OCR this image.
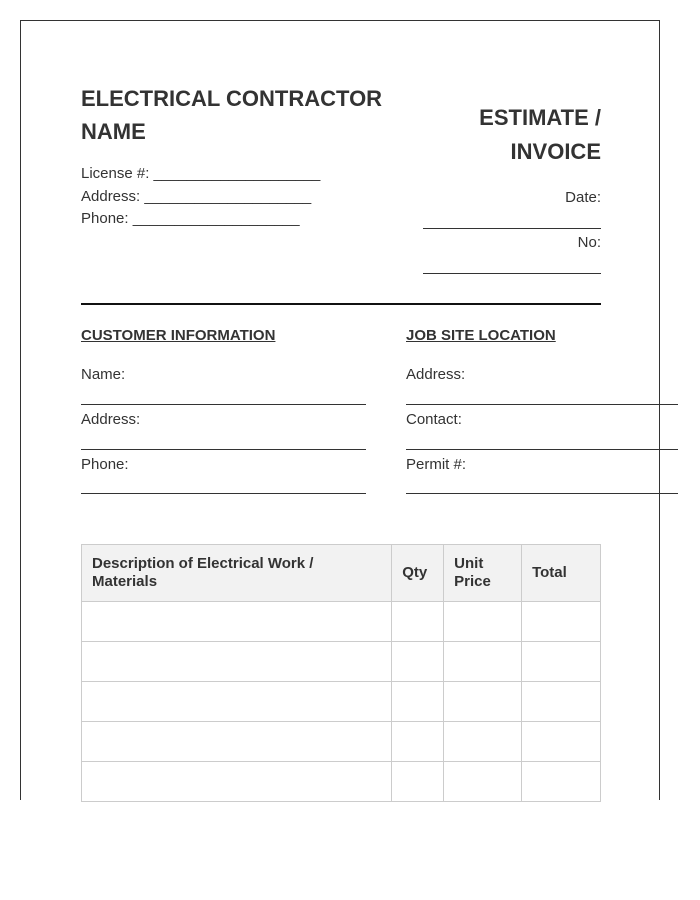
ELECTRICAL CONTRACTOR NAME
License #: ____________________
Address: ____________________
Phone: ____________________
ESTIMATE / INVOICE
Date:
No:
CUSTOMER INFORMATION
Name:
Address:
Phone:
JOB SITE LOCATION
Address:
Contact:
Permit #:
Description of Electrical Work / Materials	Qty	Unit Price	Total
